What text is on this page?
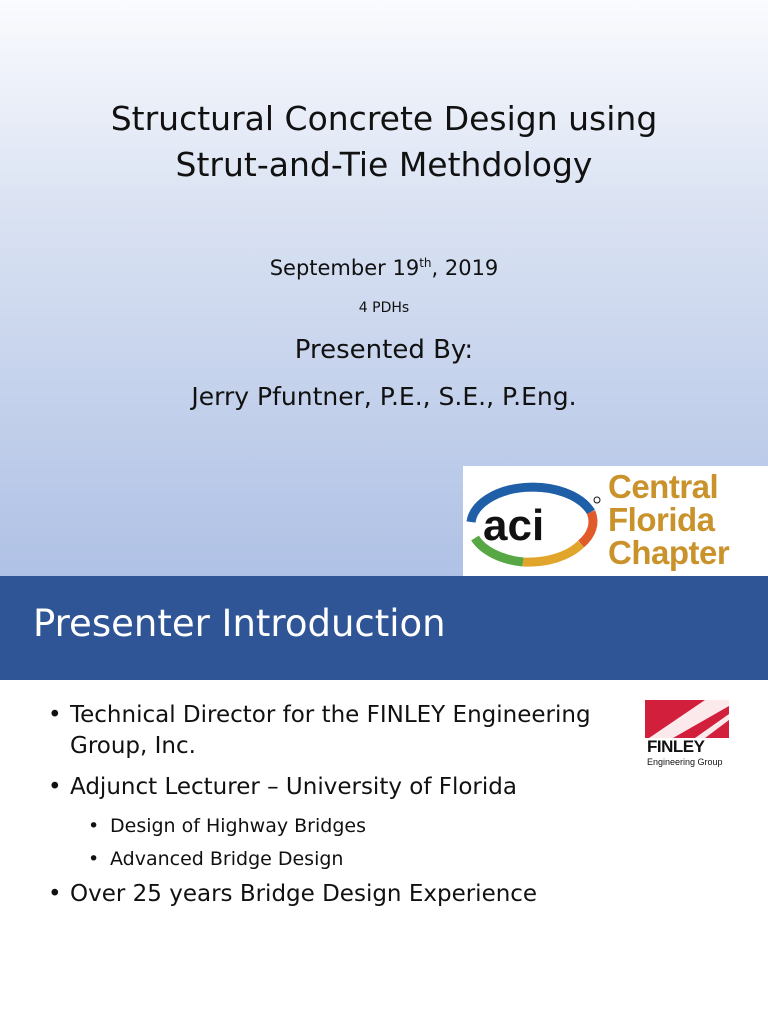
Structural Concrete Design using
Strut-and-Tie Methdology
September 19th, 2019
4 PDHs
Presented By:
Jerry Pfuntner, P.E., S.E., P.Eng.
aci
Central
Florida
Chapter
Presenter Introduction
• Technical Director for the FINLEY Engineering Group, Inc.
• Adjunct Lecturer – University of Florida
• Design of Highway Bridges
• Advanced Bridge Design
• Over 25 years Bridge Design Experience
FINLEY
Engineering Group
